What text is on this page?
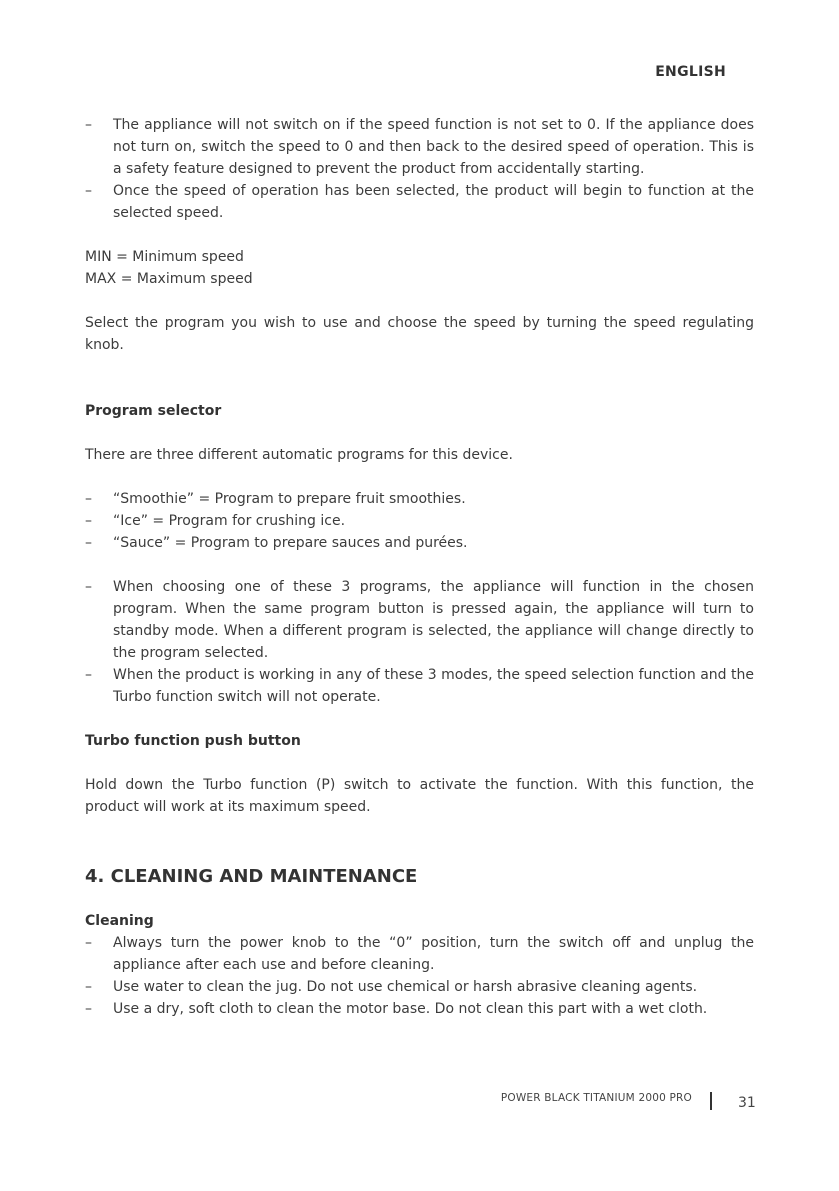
ENGLISH
– The appliance will not switch on if the speed function is not set to 0. If the appliance does not turn on, switch the speed to 0 and then back to the desired speed of operation. This is a safety feature designed to prevent the product from accidentally starting.
– Once the speed of operation has been selected, the product will begin to function at the selected speed.

MIN = Minimum speed

MAX = Maximum speed

Select the program you wish to use and choose the speed by turning the speed regulating knob.

Program selector

There are three different automatic programs for this device.

– “Smoothie” = Program to prepare fruit smoothies.
– “Ice” = Program for crushing ice.
– “Sauce” = Program to prepare sauces and purées.
– When choosing one of these 3 programs, the appliance will function in the chosen program. When the same program button is pressed again, the appliance will turn to standby mode. When a different program is selected, the appliance will change directly to the program selected.
– When the product is working in any of these 3 modes, the speed selection function and the Turbo function switch will not operate.

Turbo function push button

Hold down the Turbo function (P) switch to activate the function. With this function, the product will work at its maximum speed.

4. CLEANING AND MAINTENANCE

Cleaning

– Always turn the power knob to the “0” position, turn the switch off and unplug the appliance after each use and before cleaning.
– Use water to clean the jug. Do not use chemical or harsh abrasive cleaning agents.
– Use a dry, soft cloth to clean the motor base. Do not clean this part with a wet cloth.
POWER BLACK TITANIUM 2000 PRO	31
